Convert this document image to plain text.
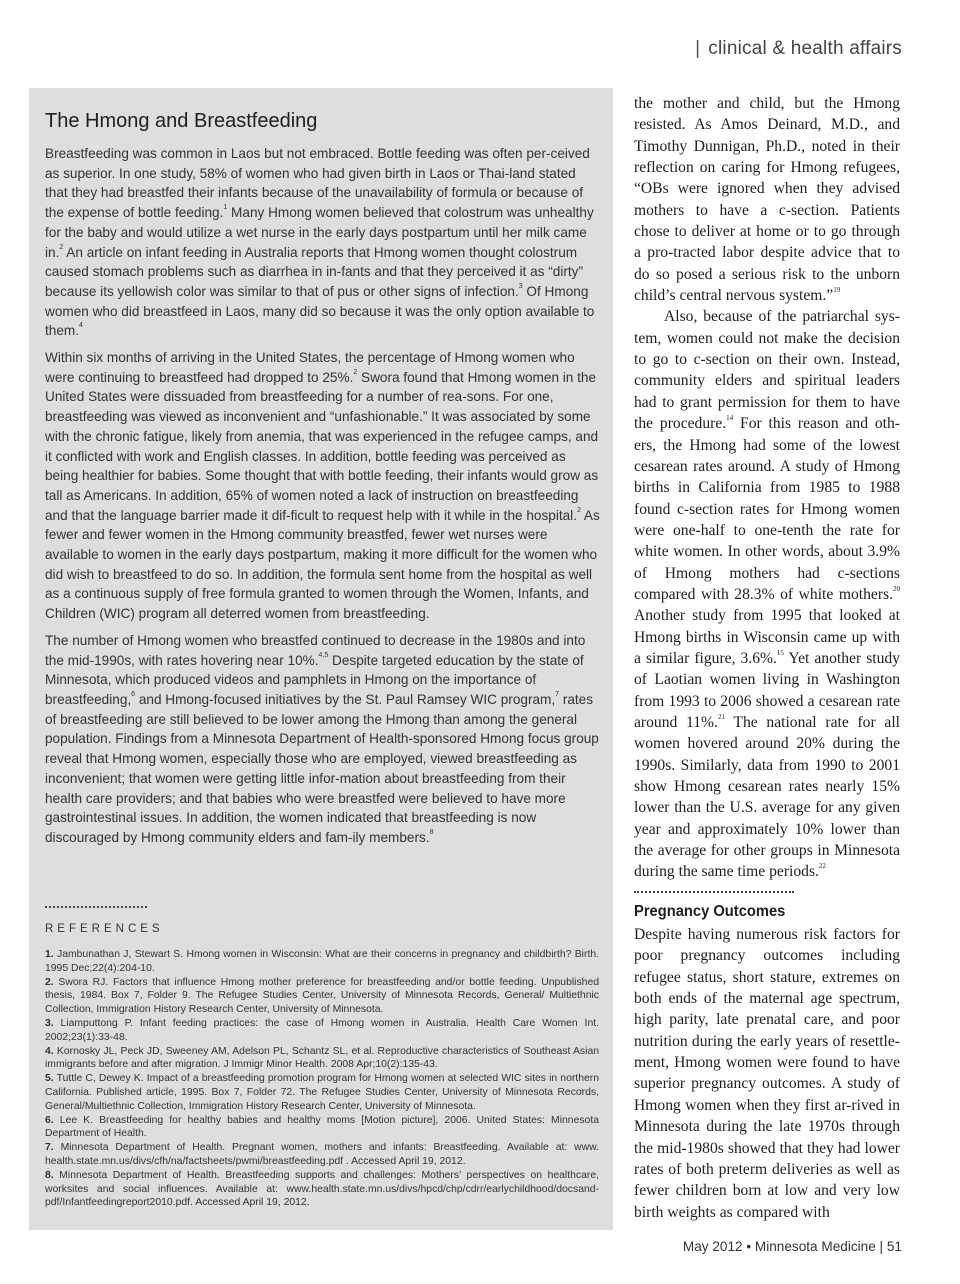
| clinical & health affairs
The Hmong and Breastfeeding

Breastfeeding was common in Laos but not embraced. Bottle feeding was often per-ceived as superior. In one study, 58% of women who had given birth in Laos or Thai-land stated that they had breastfed their infants because of the unavailability of formula or because of the expense of bottle feeding.$^1$ Many Hmong women believed that colostrum was unhealthy for the baby and would utilize a wet nurse in the early days postpartum until her milk came in.$^2$ An article on infant feeding in Australia reports that Hmong women thought colostrum caused stomach problems such as diarrhea in in-fants and that they perceived it as “dirty” because its yellowish color was similar to that of pus or other signs of infection.$^3$ Of Hmong women who did breastfeed in Laos, many did so because it was the only option available to them.$^4$

Within six months of arriving in the United States, the percentage of Hmong women who were continuing to breastfeed had dropped to 25%.$^2$ Swora found that Hmong women in the United States were dissuaded from breastfeeding for a number of rea-sons. For one, breastfeeding was viewed as inconvenient and “unfashionable.” It was associated by some with the chronic fatigue, likely from anemia, that was experienced in the refugee camps, and it conflicted with work and English classes. In addition, bottle feeding was perceived as being healthier for babies. Some thought that with bottle feeding, their infants would grow as tall as Americans. In addition, 65% of women noted a lack of instruction on breastfeeding and that the language barrier made it dif-ficult to request help with it while in the hospital.$^2$ As fewer and fewer women in the Hmong community breastfed, fewer wet nurses were available to women in the early days postpartum, making it more difficult for the women who did wish to breastfeed to do so. In addition, the formula sent home from the hospital as well as a continuous supply of free formula granted to women through the Women, Infants, and Children (WIC) program all deterred women from breastfeeding.

The number of Hmong women who breastfed continued to decrease in the 1980s and into the mid-1990s, with rates hovering near 10%.$^{4,5}$ Despite targeted education by the state of Minnesota, which produced videos and pamphlets in Hmong on the importance of breastfeeding,$^6$ and Hmong-focused initiatives by the St. Paul Ramsey WIC program,$^7$ rates of breastfeeding are still believed to be lower among the Hmong than among the general population. Findings from a Minnesota Department of Health-sponsored Hmong focus group reveal that Hmong women, especially those who are employed, viewed breastfeeding as inconvenient; that women were getting little infor-mation about breastfeeding from their health care providers; and that babies who were breastfed were believed to have more gastrointestinal issues. In addition, the women indicated that breastfeeding is now discouraged by Hmong community elders and fam-ily members.$^8$

REFERENCES

1. Jambunathan J, Stewart S. Hmong women in Wisconsin: What are their concerns in pregnancy and childbirth? Birth. 1995 Dec;22(4):204-10.

2. Swora RJ. Factors that influence Hmong mother preference for breastfeeding and/or bottle feeding. Unpublished thesis, 1984. Box 7, Folder 9. The Refugee Studies Center, University of Minnesota Records, General/ Multiethnic Collection, Immigration History Research Center, University of Minnesota.

3. Liamputtong P. Infant feeding practices: the case of Hmong women in Australia. Health Care Women Int. 2002;23(1):33-48.

4. Kornosky JL, Peck JD, Sweeney AM, Adelson PL, Schantz SL, et al. Reproductive characteristics of Southeast Asian immigrants before and after migration. J Immigr Minor Health. 2008 Apr;10(2):135-43.

5. Tuttle C, Dewey K. Impact of a breastfeeding promotion program for Hmong women at selected WIC sites in northern California. Published article, 1995. Box 7, Folder 72. The Refugee Studies Center, University of Minnesota Records, General/Multiethnic Collection, Immigration History Research Center, University of Minnesota.

6. Lee K. Breastfeeding for healthy babies and healthy moms [Motion picture], 2006. United States: Minnesota Department of Health.

7. Minnesota Department of Health. Pregnant women, mothers and infants: Breastfeeding. Available at: www. health.state.mn.us/divs/cfh/na/factsheets/pwmi/breastfeeding.pdf . Accessed April 19, 2012.

8. Minnesota Department of Health. Breastfeeding supports and challenges: Mothers’ perspectives on healthcare, worksites and social influences. Available at: www.health.state.mn.us/divs/hpcd/chp/cdrr/earlychildhood/docsand-pdf/Infantfeedingreport2010.pdf. Accessed April 19, 2012.

the mother and child, but the Hmong resisted. As Amos Deinard, M.D., and Timothy Dunnigan, Ph.D., noted in their reflection on caring for Hmong refugees, “OBs were ignored when they advised mothers to have a c-section. Patients chose to deliver at home or to go through a pro-tracted labor despite advice that to do so posed a serious risk to the unborn child’s central nervous system.”$^{19}$

Also, because of the patriarchal sys-tem, women could not make the decision to go to c-section on their own. Instead, community elders and spiritual leaders had to grant permission for them to have the procedure.$^{14}$ For this reason and oth-ers, the Hmong had some of the lowest cesarean rates around. A study of Hmong births in California from 1985 to 1988 found c-section rates for Hmong women were one-half to one-tenth the rate for white women. In other words, about 3.9% of Hmong mothers had c-sections compared with 28.3% of white mothers.$^{20}$ Another study from 1995 that looked at Hmong births in Wisconsin came up with a similar figure, 3.6%.$^{15}$ Yet another study of Laotian women living in Washington from 1993 to 2006 showed a cesarean rate around 11%.$^{21}$ The national rate for all women hovered around 20% during the 1990s. Similarly, data from 1990 to 2001 show Hmong cesarean rates nearly 15% lower than the U.S. average for any given year and approximately 10% lower than the average for other groups in Minnesota during the same time periods.$^{22}$

Pregnancy Outcomes

Despite having numerous risk factors for poor pregnancy outcomes including refugee status, short stature, extremes on both ends of the maternal age spectrum, high parity, late prenatal care, and poor nutrition during the early years of resettle-ment, Hmong women were found to have superior pregnancy outcomes. A study of Hmong women when they first ar-rived in Minnesota during the late 1970s through the mid-1980s showed that they had lower rates of both preterm deliveries as well as fewer children born at low and very low birth weights as compared with

May 2012 • Minnesota Medicine | 51
